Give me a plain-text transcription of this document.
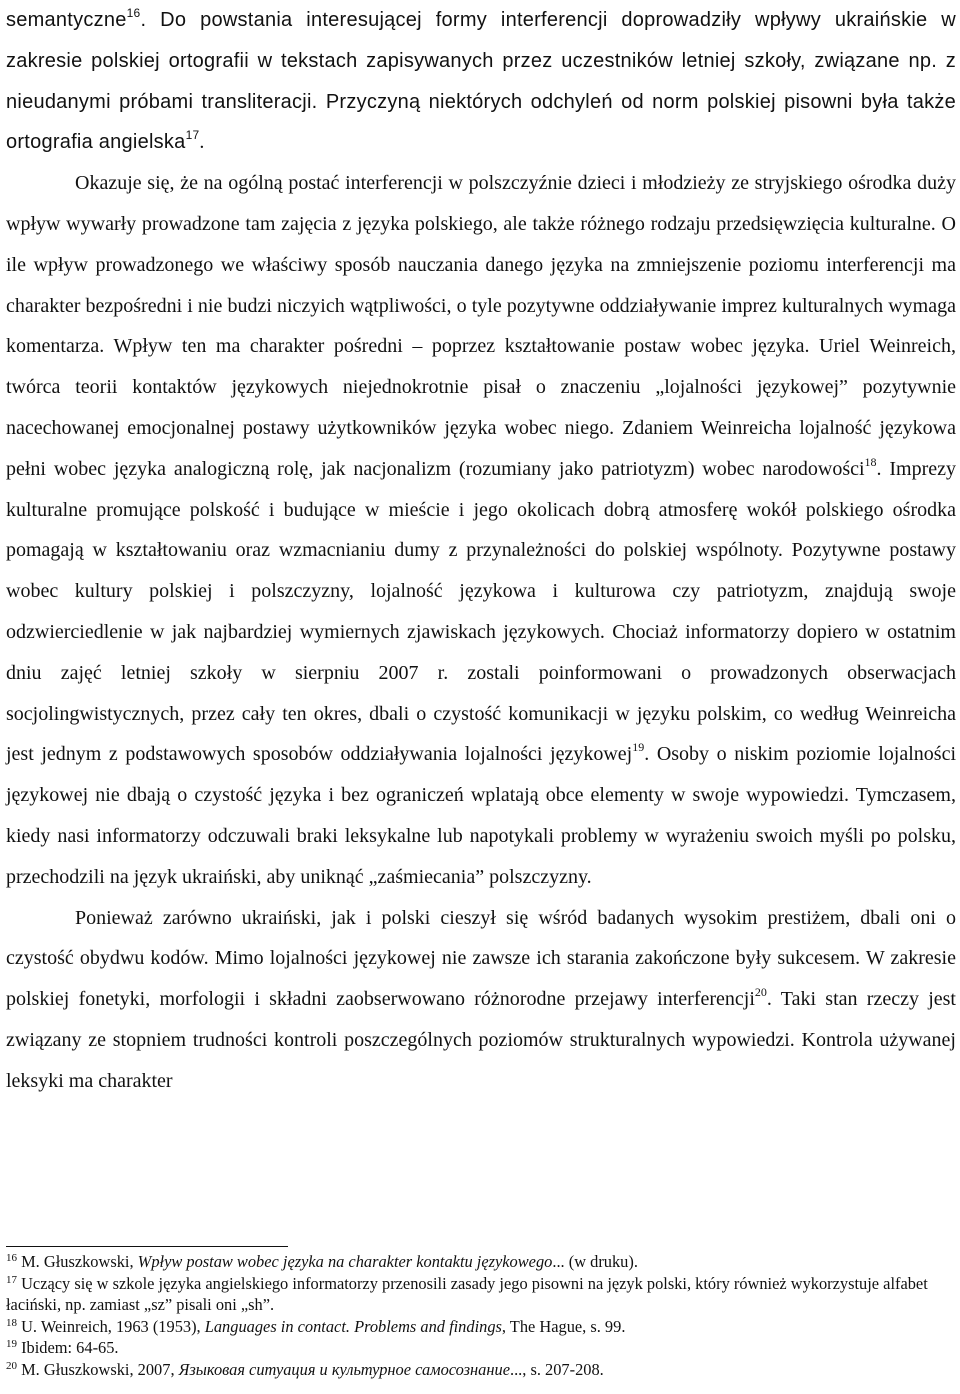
semantyczne$^{16}$. Do powstania interesującej formy interferencji doprowadziły wpływy ukraińskie w zakresie polskiej ortografii w tekstach zapisywanych przez uczestników letniej szkoły, związane np. z nieudanymi próbami transliteracji. Przyczyną niektórych odchyleń od norm polskiej pisowni była także ortografia angielska$^{17}$.

Okazuje się, że na ogólną postać interferencji w polszczyźnie dzieci i młodzieży ze stryjskiego ośrodka duży wpływ wywarły prowadzone tam zajęcia z języka polskiego, ale także różnego rodzaju przedsięwzięcia kulturalne. O ile wpływ prowadzonego we właściwy sposób nauczania danego języka na zmniejszenie poziomu interferencji ma charakter bezpośredni i nie budzi niczyich wątpliwości, o tyle pozytywne oddziaływanie imprez kulturalnych wymaga komentarza. Wpływ ten ma charakter pośredni – poprzez kształtowanie postaw wobec języka. Uriel Weinreich, twórca teorii kontaktów językowych niejednokrotnie pisał o znaczeniu „lojalności językowej” pozytywnie nacechowanej emocjonalnej postawy użytkowników języka wobec niego. Zdaniem Weinreicha lojalność językowa pełni wobec języka analogiczną rolę, jak nacjonalizm (rozumiany jako patriotyzm) wobec narodowości$^{18}$. Imprezy kulturalne promujące polskość i budujące w mieście i jego okolicach dobrą atmosferę wokół polskiego ośrodka pomagają w kształtowaniu oraz wzmacnianiu dumy z przynależności do polskiej wspólnoty. Pozytywne postawy wobec kultury polskiej i polszczyzny, lojalność językowa i kulturowa czy patriotyzm, znajdują swoje odzwierciedlenie w jak najbardziej wymiernych zjawiskach językowych. Chociaż informatorzy dopiero w ostatnim dniu zajęć letniej szkoły w sierpniu 2007 r. zostali poinformowani o prowadzonych obserwacjach socjolingwistycznych, przez cały ten okres, dbali o czystość komunikacji w języku polskim, co według Weinreicha jest jednym z podstawowych sposobów oddziaływania lojalności językowej$^{19}$. Osoby o niskim poziomie lojalności językowej nie dbają o czystość języka i bez ograniczeń wplatają obce elementy w swoje wypowiedzi. Tymczasem, kiedy nasi informatorzy odczuwali braki leksykalne lub napotykali problemy w wyrażeniu swoich myśli po polsku, przechodzili na język ukraiński, aby uniknąć „zaśmiecania” polszczyzny.

Ponieważ zarówno ukraiński, jak i polski cieszył się wśród badanych wysokim prestiżem, dbali oni o czystość obydwu kodów. Mimo lojalności językowej nie zawsze ich starania zakończone były sukcesem. W zakresie polskiej fonetyki, morfologii i składni zaobserwowano różnorodne przejawy interferencji$^{20}$. Taki stan rzeczy jest związany ze stopniem trudności kontroli poszczególnych poziomów strukturalnych wypowiedzi. Kontrola używanej leksyki ma charakter

$^{16}$ M. Głuszkowski, Wpływ postaw wobec języka na charakter kontaktu językowego... (w druku).

$^{17}$ Uczący się w szkole języka angielskiego informatorzy przenosili zasady jego pisowni na język polski, który również wykorzystuje alfabet łaciński, np. zamiast „sz” pisali oni „sh”.

$^{18}$ U. Weinreich, 1963 (1953), Languages in contact. Problems and findings, The Hague, s. 99.

$^{19}$ Ibidem: 64-65.

$^{20}$ M. Głuszkowski, 2007, Языковая ситуация и культурное самосознание..., s. 207-208.
